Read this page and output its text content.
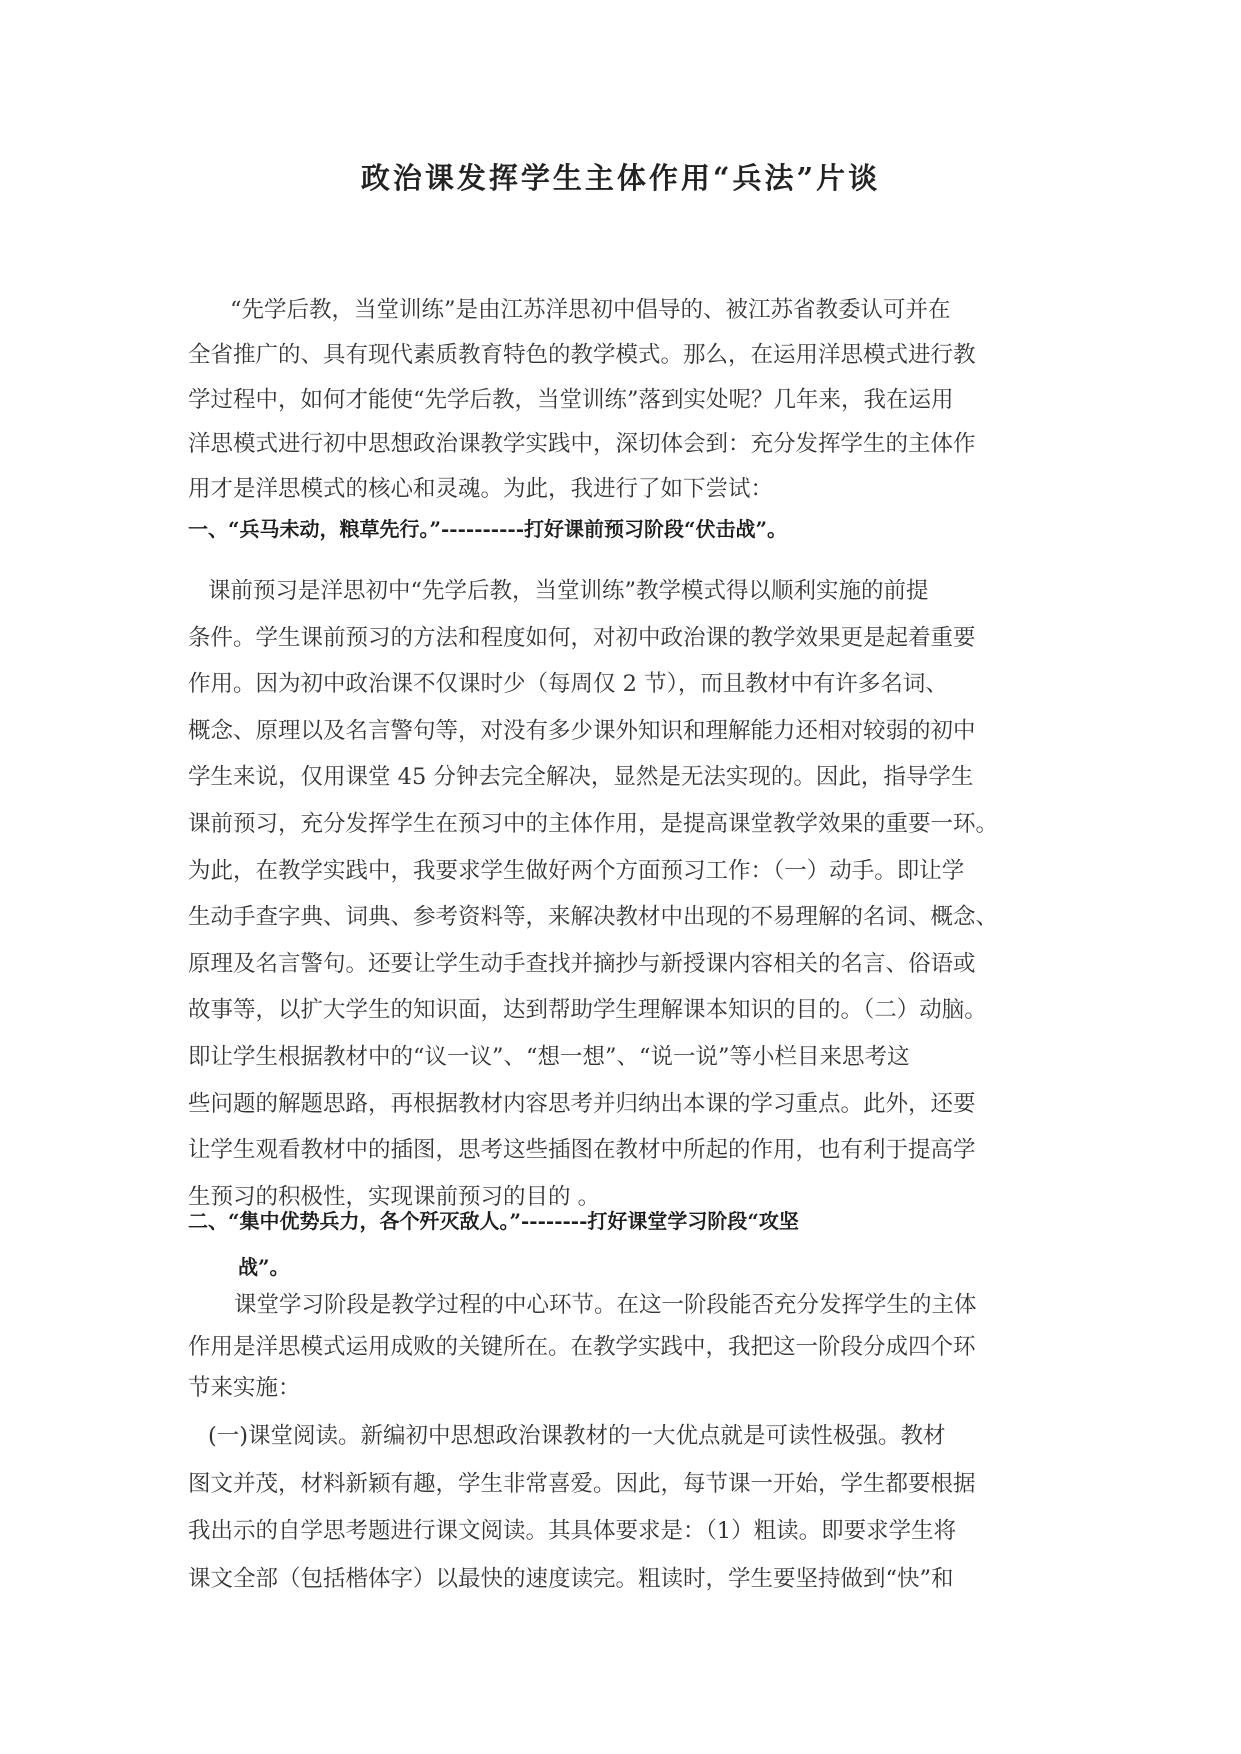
政治课发挥学生主体作用“兵法”片谈
“先学后教，当堂训练”是由江苏洋思初中倡导的、被江苏省教委认可并在
全省推广的、具有现代素质教育特色的教学模式。那么，在运用洋思模式进行教
学过程中，如何才能使“先学后教，当堂训练”落到实处呢？几年来，我在运用
洋思模式进行初中思想政治课教学实践中，深切体会到：充分发挥学生的主体作
用才是洋思模式的核心和灵魂。为此，我进行了如下尝试：
一、“兵马未动，粮草先行。”----------打好课前预习阶段“伏击战”。
课前预习是洋思初中“先学后教，当堂训练”教学模式得以顺利实施的前提
条件。学生课前预习的方法和程度如何，对初中政治课的教学效果更是起着重要
作用。因为初中政治课不仅课时少（每周仅 2 节），而且教材中有许多名词、
概念、原理以及名言警句等，对没有多少课外知识和理解能力还相对较弱的初中
学生来说，仅用课堂 45 分钟去完全解决，显然是无法实现的。因此，指导学生
课前预习，充分发挥学生在预习中的主体作用，是提高课堂教学效果的重要一环。
为此，在教学实践中，我要求学生做好两个方面预习工作：（一）动手。即让学
生动手查字典、词典、参考资料等，来解决教材中出现的不易理解的名词、概念、
原理及名言警句。还要让学生动手查找并摘抄与新授课内容相关的名言、俗语或
故事等，以扩大学生的知识面，达到帮助学生理解课本知识的目的。（二）动脑。
即让学生根据教材中的“议一议”、“想一想”、“说一说”等小栏目来思考这
些问题的解题思路，再根据教材内容思考并归纳出本课的学习重点。此外，还要
让学生观看教材中的插图，思考这些插图在教材中所起的作用，也有利于提高学
生预习的积极性，实现课前预习的目的 。
二、“集中优势兵力，各个歼灭敌人。”--------打好课堂学习阶段“攻坚
战”。
课堂学习阶段是教学过程的中心环节。在这一阶段能否充分发挥学生的主体
作用是洋思模式运用成败的关键所在。在教学实践中，我把这一阶段分成四个环
节来实施：
(一)课堂阅读。新编初中思想政治课教材的一大优点就是可读性极强。教材
图文并茂，材料新颖有趣，学生非常喜爱。因此，每节课一开始，学生都要根据
我出示的自学思考题进行课文阅读。其具体要求是：（1）粗读。即要求学生将
课文全部（包括楷体字）以最快的速度读完。粗读时，学生要坚持做到“快”和
